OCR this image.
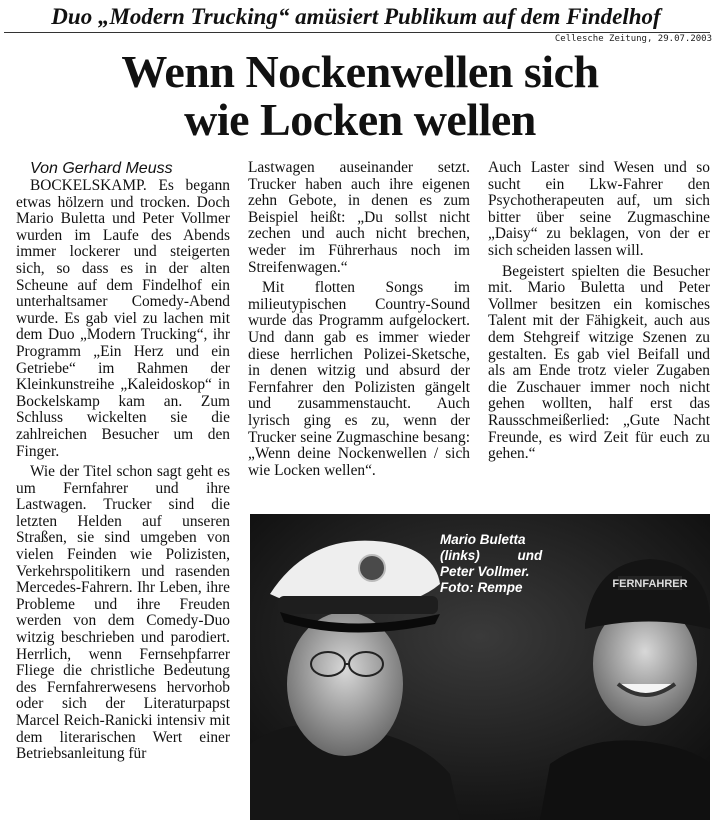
Duo „Modern Trucking“ amüsiert Publikum auf dem Findelhof
Cellesche Zeitung, 29.07.2003
Wenn Nockenwellen sich
wie Locken wellen
Von Gerhard Meuss

BOCKELSKAMP. Es begann etwas hölzern und trocken. Doch Mario Buletta und Peter Vollmer wurden im Laufe des Abends immer lockerer und steigerten sich, so dass es in der alten Scheune auf dem Findelhof ein unterhaltsamer Comedy-Abend wurde. Es gab viel zu lachen mit dem Duo „Modern Trucking“, ihr Programm „Ein Herz und ein Getriebe“ im Rahmen der Kleinkunstreihe „Kaleidoskop“ in Bockelskamp kam an. Zum Schluss wickelten sie die zahlreichen Besucher um den Finger.

Wie der Titel schon sagt geht es um Fernfahrer und ihre Lastwagen. Trucker sind die letzten Helden auf unseren Straßen, sie sind umgeben von vielen Feinden wie Polizisten, Verkehrspolitikern und rasenden Mercedes-Fahrern. Ihr Leben, ihre Probleme und ihre Freuden werden von dem Comedy-Duo witzig beschrieben und parodiert. Herrlich, wenn Fernsehpfarrer Fliege die christliche Bedeutung des Fernfahrerwesens hervorhob oder sich der Literaturpapst Marcel Reich-Ranicki intensiv mit dem literarischen Wert einer Betriebsanleitung für

Lastwagen auseinander setzt. Trucker haben auch ihre eigenen zehn Gebote, in denen es zum Beispiel heißt: „Du sollst nicht zechen und auch nicht brechen, weder im Führerhaus noch im Streifenwagen.“

Mit flotten Songs im milieutypischen Country-Sound wurde das Programm aufgelockert. Und dann gab es immer wieder diese herrlichen Polizei-Sketsche, in denen witzig und absurd der Fernfahrer den Polizisten gängelt und zusammenstaucht. Auch lyrisch ging es zu, wenn der Trucker seine Zugmaschine besang: „Wenn deine Nockenwellen / sich wie Locken wellen“.

Auch Laster sind Wesen und so sucht ein Lkw-Fahrer den Psychotherapeuten auf, um sich bitter über seine Zugmaschine „Daisy“ zu beklagen, von der er sich scheiden lassen will.

Begeistert spielten die Besucher mit. Mario Buletta und Peter Vollmer besitzen ein komisches Talent mit der Fähigkeit, auch aus dem Stehgreif witzige Szenen zu gestalten. Es gab viel Beifall und als am Ende trotz vieler Zugaben die Zuschauer immer noch nicht gehen wollten, half erst das Rausschmeißerlied: „Gute Nacht Freunde, es wird Zeit für euch zu gehen.“

FERNFAHRER
Mario Buletta
(links) und
Peter Vollmer.
Foto: Rempe
